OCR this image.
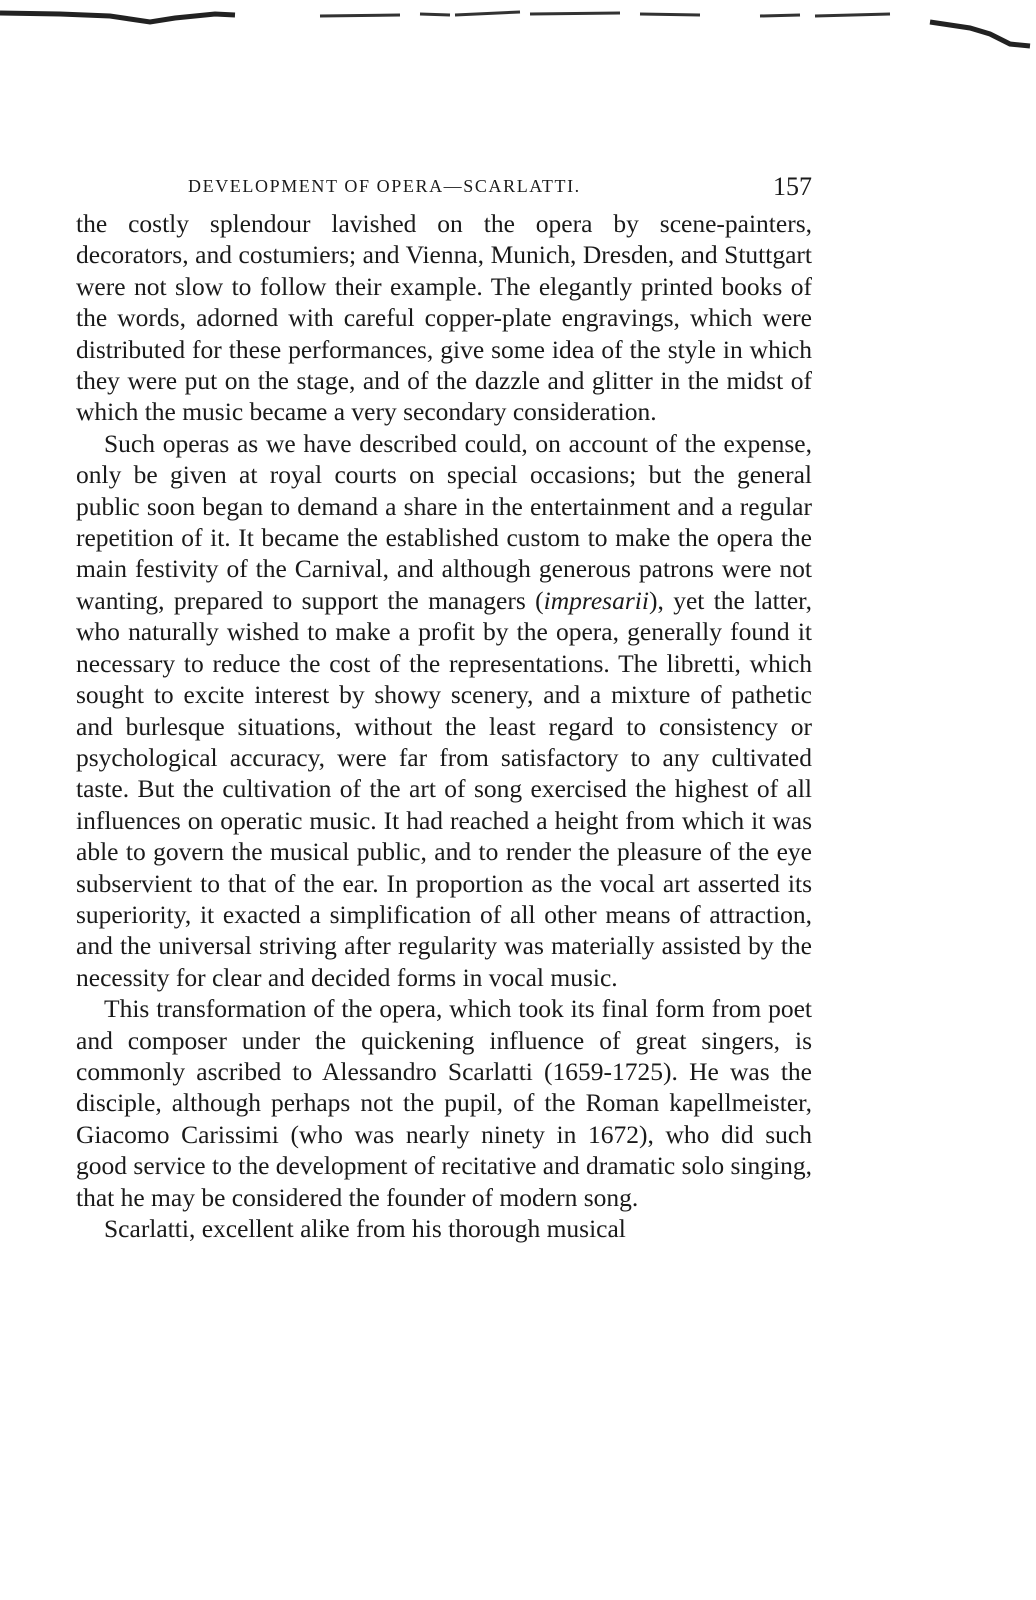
DEVELOPMENT OF OPERA—SCARLATTI.	157

the costly splendour lavished on the opera by scene-painters, decorators, and costumiers; and Vienna, Munich, Dresden, and Stuttgart were not slow to follow their example. The elegantly printed books of the words, adorned with careful copper-plate engravings, which were distributed for these performances, give some idea of the style in which they were put on the stage, and of the dazzle and glitter in the midst of which the music became a very secondary consideration.

Such operas as we have described could, on account of the expense, only be given at royal courts on special occasions; but the general public soon began to demand a share in the entertainment and a regular repetition of it. It became the established custom to make the opera the main festivity of the Carnival, and although generous patrons were not wanting, prepared to support the managers (impresarii), yet the latter, who naturally wished to make a profit by the opera, generally found it necessary to reduce the cost of the representations. The libretti, which sought to excite interest by showy scenery, and a mixture of pathetic and burlesque situations, without the least regard to consistency or psychological accuracy, were far from satisfactory to any cultivated taste. But the cultivation of the art of song exercised the highest of all influences on operatic music. It had reached a height from which it was able to govern the musical public, and to render the pleasure of the eye subservient to that of the ear. In proportion as the vocal art asserted its superiority, it exacted a simplification of all other means of attraction, and the universal striving after regularity was materially assisted by the necessity for clear and decided forms in vocal music.

This transformation of the opera, which took its final form from poet and composer under the quickening influence of great singers, is commonly ascribed to Alessandro Scarlatti (1659-1725). He was the disciple, although perhaps not the pupil, of the Roman kapellmeister, Giacomo Carissimi (who was nearly ninety in 1672), who did such good service to the development of recitative and dramatic solo singing, that he may be considered the founder of modern song.

Scarlatti, excellent alike from his thorough musical
